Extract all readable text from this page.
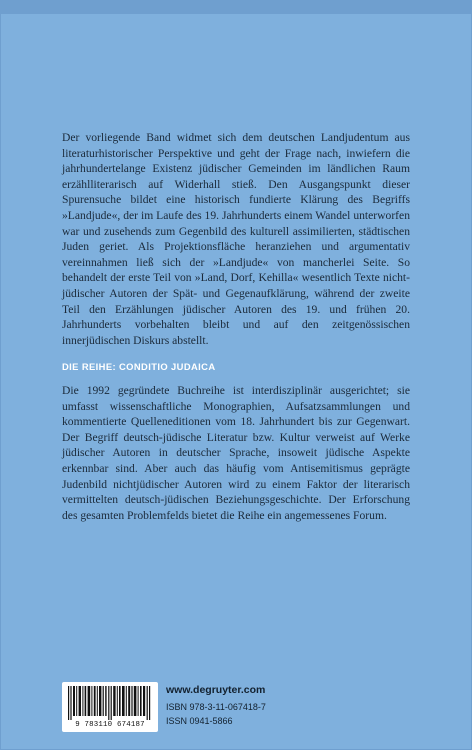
Der vorliegende Band widmet sich dem deutschen Landjudentum aus literaturhistorischer Perspektive und geht der Frage nach, inwiefern die jahrhundertelange Existenz jüdischer Gemeinden im ländlichen Raum erzählliterarisch auf Widerhall stieß. Den Ausgangspunkt dieser Spurensuche bildet eine historisch fundierte Klärung des Begriffs »Landjude«, der im Laufe des 19. Jahrhunderts einem Wandel unterworfen war und zusehends zum Gegenbild des kulturell assimilierten, städtischen Juden geriet. Als Projektionsfläche heranziehen und argumentativ vereinnahmen ließ sich der »Landjude« von mancherlei Seite. So behandelt der erste Teil von »Land, Dorf, Kehilla« wesentlich Texte nicht-jüdischer Autoren der Spät- und Gegenaufklärung, während der zweite Teil den Erzählungen jüdischer Autoren des 19. und frühen 20. Jahrhunderts vorbehalten bleibt und auf den zeitgenössischen innerjüdischen Diskurs abstellt.

DIE REIHE: CONDITIO JUDAICA

Die 1992 gegründete Buchreihe ist interdisziplinär ausgerichtet; sie umfasst wissenschaftliche Monographien, Aufsatzsammlungen und kommentierte Quelleneditionen vom 18. Jahrhundert bis zur Gegenwart. Der Begriff deutsch-jüdische Literatur bzw. Kultur verweist auf Werke jüdischer Autoren in deutscher Sprache, insoweit jüdische Aspekte erkennbar sind. Aber auch das häufig vom Antisemitismus geprägte Judenbild nichtjüdischer Autoren wird zu einem Faktor der literarisch vermittelten deutsch-jüdischen Beziehungsgeschichte. Der Erforschung des gesamten Problemfelds bietet die Reihe ein angemessenes Forum.

9 783110 674187

www.degruyter.com

ISBN 978-3-11-067418-7

ISSN 0941-5866
